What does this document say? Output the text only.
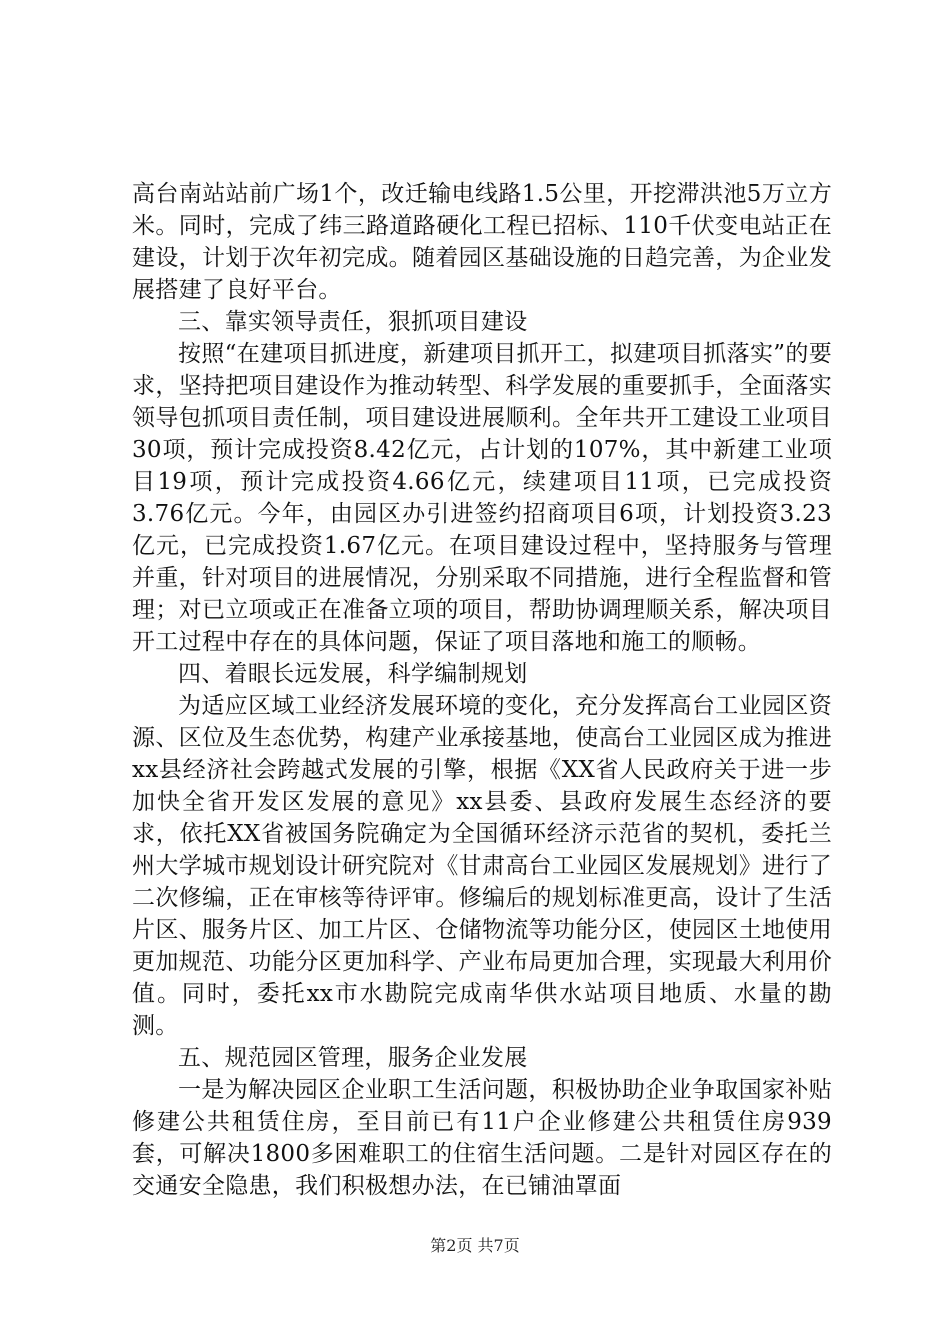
高台南站站前广场1个，改迁输电线路1.5公里，开挖滞洪池5万立方米。同时，完成了纬三路道路硬化工程已招标、110千伏变电站正在建设，计划于次年初完成。随着园区基础设施的日趋完善，为企业发展搭建了良好平台。

三、靠实领导责任，狠抓项目建设

按照“在建项目抓进度，新建项目抓开工，拟建项目抓落实”的要求，坚持把项目建设作为推动转型、科学发展的重要抓手，全面落实领导包抓项目责任制，项目建设进展顺利。全年共开工建设工业项目30项，预计完成投资8.42亿元，占计划的107%，其中新建工业项目19项，预计完成投资4.66亿元，续建项目11项，已完成投资3.76亿元。今年，由园区办引进签约招商项目6项，计划投资3.23亿元，已完成投资1.67亿元。在项目建设过程中，坚持服务与管理并重，针对项目的进展情况，分别采取不同措施，进行全程监督和管理；对已立项或正在准备立项的项目，帮助协调理顺关系，解决项目开工过程中存在的具体问题，保证了项目落地和施工的顺畅。

四、着眼长远发展，科学编制规划

为适应区域工业经济发展环境的变化，充分发挥高台工业园区资源、区位及生态优势，构建产业承接基地，使高台工业园区成为推进xx县经济社会跨越式发展的引擎，根据《XX省人民政府关于进一步加快全省开发区发展的意见》xx县委、县政府发展生态经济的要求，依托XX省被国务院确定为全国循环经济示范省的契机，委托兰州大学城市规划设计研究院对《甘肃高台工业园区发展规划》进行了二次修编，正在审核等待评审。修编后的规划标准更高，设计了生活片区、服务片区、加工片区、仓储物流等功能分区，使园区土地使用更加规范、功能分区更加科学、产业布局更加合理，实现最大利用价值。同时，委托xx市水勘院完成南华供水站项目地质、水量的勘测。

五、规范园区管理，服务企业发展

一是为解决园区企业职工生活问题，积极协助企业争取国家补贴修建公共租赁住房，至目前已有11户企业修建公共租赁住房939套，可解决1800多困难职工的住宿生活问题。二是针对园区存在的交通安全隐患，我们积极想办法，在已铺油罩面

第2页 共7页
